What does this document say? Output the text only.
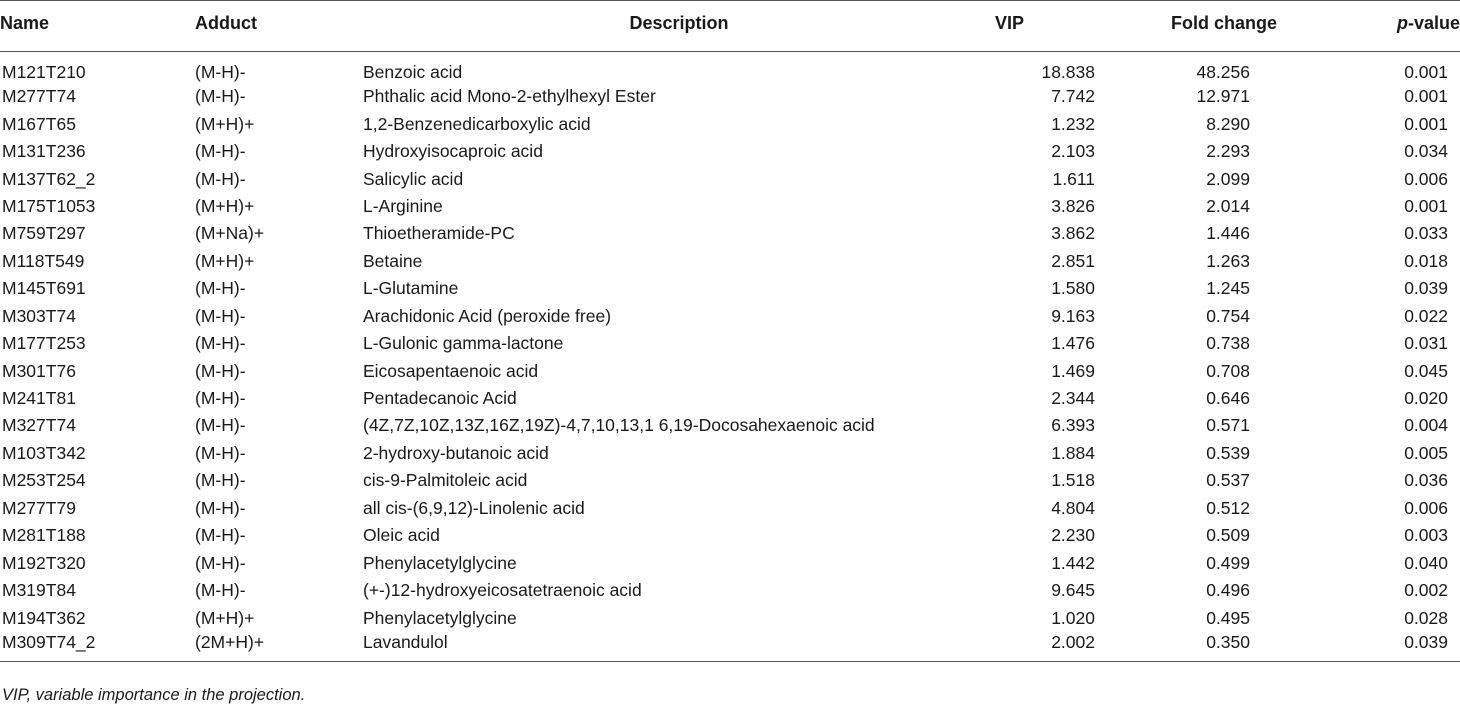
Name	Adduct	Description	VIP	Fold change	p-value
M121T210	(M-H)-	Benzoic acid	18.838	48.256	0.001
M277T74	(M-H)-	Phthalic acid Mono-2-ethylhexyl Ester	7.742	12.971	0.001
M167T65	(M+H)+	1,2-Benzenedicarboxylic acid	1.232	8.290	0.001
M131T236	(M-H)-	Hydroxyisocaproic acid	2.103	2.293	0.034
M137T62_2	(M-H)-	Salicylic acid	1.611	2.099	0.006
M175T1053	(M+H)+	L-Arginine	3.826	2.014	0.001
M759T297	(M+Na)+	Thioetheramide-PC	3.862	1.446	0.033
M118T549	(M+H)+	Betaine	2.851	1.263	0.018
M145T691	(M-H)-	L-Glutamine	1.580	1.245	0.039
M303T74	(M-H)-	Arachidonic Acid (peroxide free)	9.163	0.754	0.022
M177T253	(M-H)-	L-Gulonic gamma-lactone	1.476	0.738	0.031
M301T76	(M-H)-	Eicosapentaenoic acid	1.469	0.708	0.045
M241T81	(M-H)-	Pentadecanoic Acid	2.344	0.646	0.020
M327T74	(M-H)-	(4Z,7Z,10Z,13Z,16Z,19Z)-4,7,10,13,1 6,19-Docosahexaenoic acid	6.393	0.571	0.004
M103T342	(M-H)-	2-hydroxy-butanoic acid	1.884	0.539	0.005
M253T254	(M-H)-	cis-9-Palmitoleic acid	1.518	0.537	0.036
M277T79	(M-H)-	all cis-(6,9,12)-Linolenic acid	4.804	0.512	0.006
M281T188	(M-H)-	Oleic acid	2.230	0.509	0.003
M192T320	(M-H)-	Phenylacetylglycine	1.442	0.499	0.040
M319T84	(M-H)-	(+-)12-hydroxyeicosatetraenoic acid	9.645	0.496	0.002
M194T362	(M+H)+	Phenylacetylglycine	1.020	0.495	0.028
M309T74_2	(2M+H)+	Lavandulol	2.002	0.350	0.039
VIP, variable importance in the projection.
